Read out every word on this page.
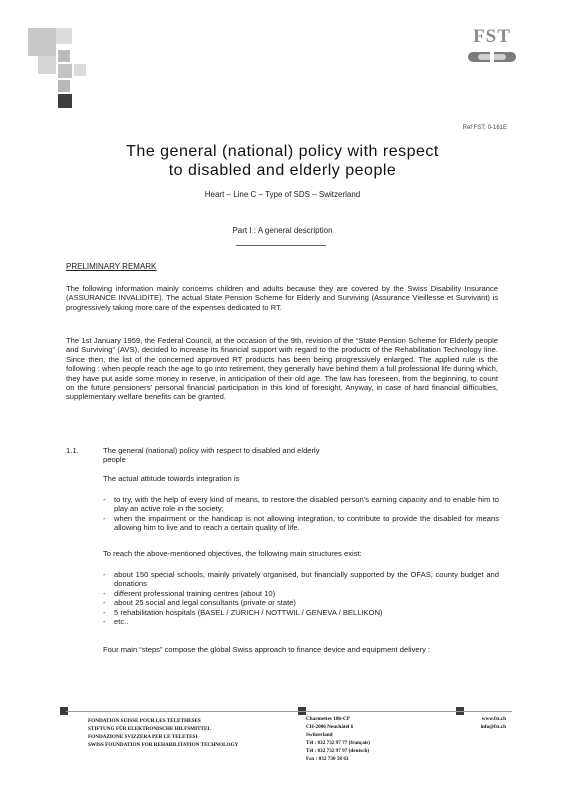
FST
Ref FST: 0-161E
The general (national) policy with respect
to disabled and elderly people
Heart – Line C – Type of SDS – Switzerland
Part I : A general description
PRELIMINARY REMARK
The following information mainly concerns children and adults because they are covered by the Swiss Disability Insurance (ASSURANCE INVALIDITE). The actual State Pension Scheme for Elderly and Surviving (Assurance Vieillesse et Survivant) is progressively taking more care of the expenses dedicated to RT.
The 1st January 1959, the Federal Council, at the occasion of the 9th. revision of the “State Pension Scheme for Elderly people and Surviving” (AVS), decided to increase its financial support with regard to the products of the Rehabilitation Technology line. Since then, the list of the concerned approved RT products has been being progressively enlarged. The applied rule is the following : when people reach the age to go into retirement, they generally have behind them a full professional life during which, they have put aside some money in reserve, in anticipation of their old age. The law has foreseen, from the beginning, to count on the future pensioners’ personal financial participation in this kind of foresight. Anyway, in case of hard financial difficulties, supplementary welfare benefits can be granted.
1.1.	The general (national) policy with respect to disabled and elderly people
The actual attitude towards integration is
- to try, with the help of every kind of means, to restore the disabled person’s earning capacity and to enable him to play an active role in the society;
- when the impairment or the handicap is not allowing integration, to contribute to provide the disabled for means allowing him to live and to reach a certain quality of life.
To reach the above-mentioned objectives, the following main structures exist:
- about 150 special schools, mainly privately organised, but financially supported by the OFAS, county budget and donations
- different professional training centres (about 10)
- about 25 social and legal consultants (private or state)
- 5 rehabilitation hospitals (BASEL / ZURICH / NOTTWIL / GENEVA / BELLIKON)
- etc..
Four main “steps” compose the global Swiss approach to finance device and equipment delivery :
FONDATION SUISSE POUR LES TELETHESES
STIFTUNG FÜR ELEKTRONISCHE HILFSMITTEL
FONDAZIONE SVIZZERA PER LE TELETESI
SWISS FOUNDATION FOR REHABILITATION TECHNOLOGY
Charmettes 10b-CP
CH-2006 Neuchâtel 6
Switzerland
Tél : 032 732 97 77 (français)
Tél : 032 732 97 97 (deutsch)
Fax : 032 730 58 63
www.fst.ch
info@fst.ch
